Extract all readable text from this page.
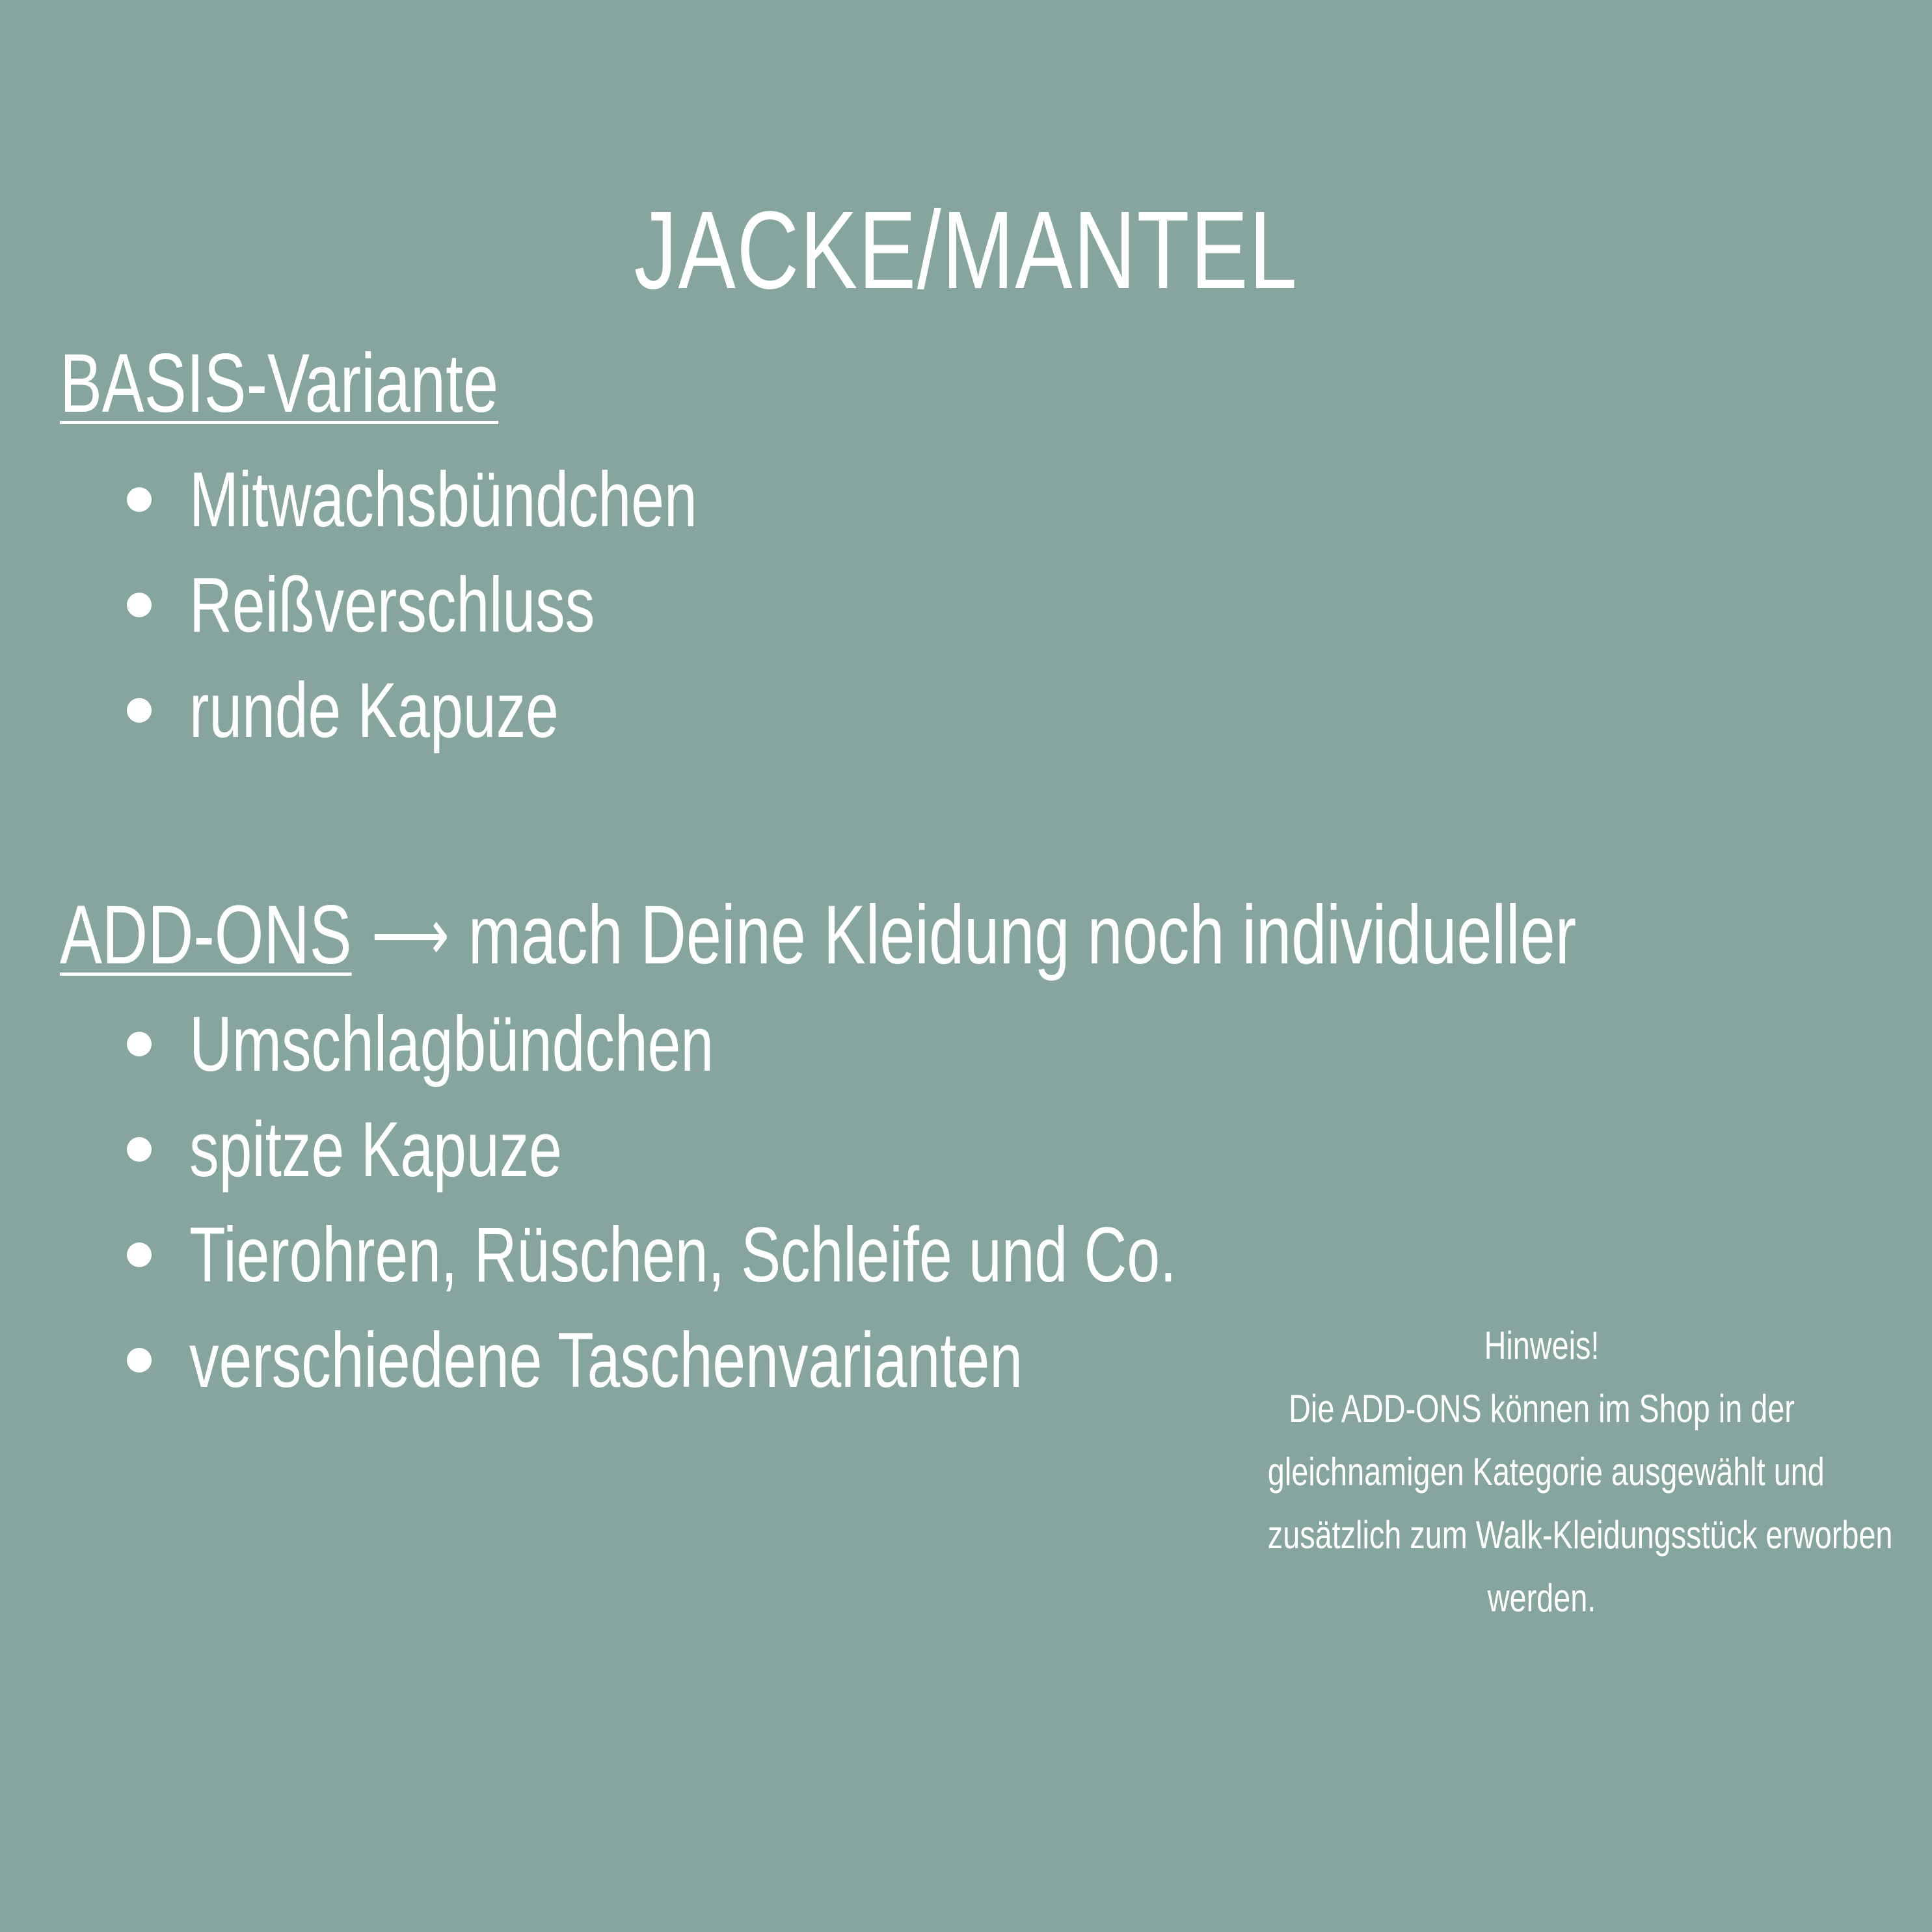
JACKE/MANTEL
BASIS-Variante
Mitwachsbündchen
Reißverschluss
runde Kapuze
ADD-ONS ⟶ mach Deine Kleidung noch individueller
Umschlagbündchen
spitze Kapuze
Tierohren, Rüschen, Schleife und Co.
verschiedene Taschenvarianten	Hinweis!
Die ADD-ONS können im Shop in der
gleichnamigen Kategorie ausgewählt und
zusätzlich zum Walk-Kleidungsstück erworben
werden.
